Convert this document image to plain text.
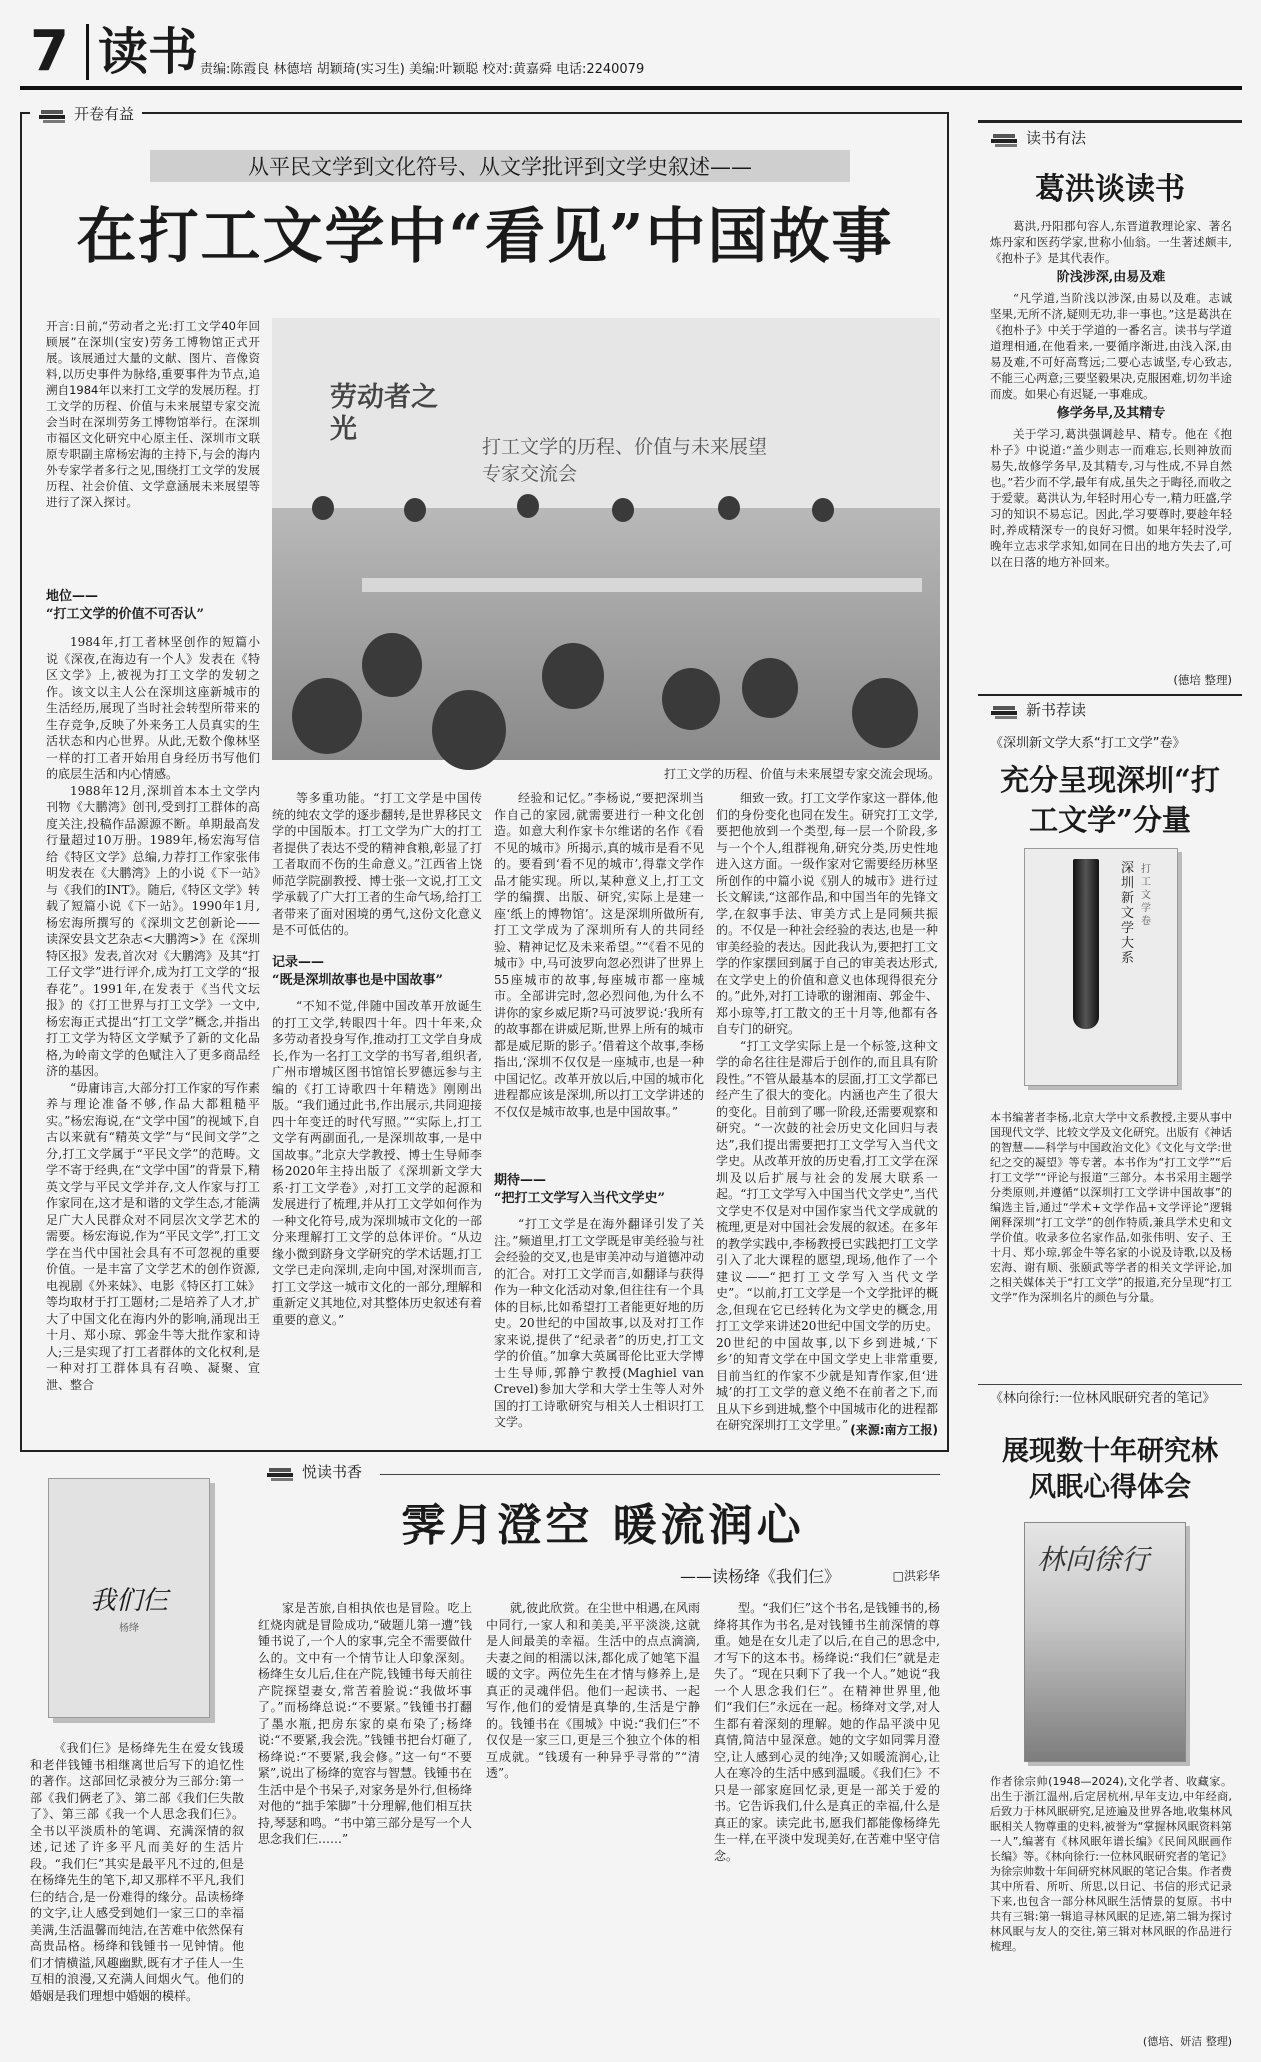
7 读书 责编:陈霞良 林德培 胡颖琦(实习生) 美编:叶颖聪 校对:黄嘉舜 电话:2240079
开卷有益
从平民文学到文化符号、从文学批评到文学史叙述——
在打工文学中“看见”中国故事
开言:日前,“劳动者之光:打工文学40年回顾展”在深圳(宝安)劳务工博物馆正式开展。该展通过大量的文献、图片、音像资料,以历史事件为脉络,重要事件为节点,追溯自1984年以来打工文学的发展历程。打工文学的历程、价值与未来展望专家交流会当时在深圳劳务工博物馆举行。在深圳市福区文化研究中心原主任、深圳市文联原专职副主席杨宏海的主持下,与会的海内外专家学者多行之见,围绕打工文学的发展历程、社会价值、文学意涵展未来展望等进行了深入探讨。
劳动者之光
打工文学的历程、价值与未来展望专家交流会
打工文学的历程、价值与未来展望专家交流会现场。
地位——
“打工文学的价值不可否认”

1984年,打工者林坚创作的短篇小说《深夜,在海边有一个人》发表在《特区文学》上,被视为打工文学的发轫之作。该文以主人公在深圳这座新城市的生活经历,展现了当时社会转型所带来的生存竞争,反映了外来务工人员真实的生活状态和内心世界。从此,无数个像林坚一样的打工者开始用自身经历书写他们的底层生活和内心情感。

1988年12月,深圳首本本土文学内刊物《大鹏湾》创刊,受到打工群体的高度关注,投稿作品源源不断。单期最高发行量超过10万册。1989年,杨宏海写信给《特区文学》总编,力荐打工作家张伟明发表在《大鹏湾》上的小说《下一站》与《我们的INT》。随后,《特区文学》转载了短篇小说《下一站》。1990年1月,杨宏海所撰写的《深圳文艺创新论——读深安县文艺杂志<大鹏湾>》在《深圳特区报》发表,首次对《大鹏湾》及其“打工仔文学”进行评介,成为打工文学的“报春花”。1991年,在发表于《当代文坛报》的《打工世界与打工文学》一文中,杨宏海正式提出“打工文学”概念,并指出打工文学为特区文学赋予了新的文化品格,为岭南文学的色赋注入了更多商品经济的基因。

“毋庸讳言,大部分打工作家的写作素养与理论准备不够,作品大都粗糙平实。”杨宏海说,在“文学中国”的视域下,自古以来就有“精英文学”与“民间文学”之分,打工文学属于“平民文学”的范畴。文学不寄于经典,在“文学中国”的背景下,精英文学与平民文学并存,文人作家与打工作家同在,这才是和谐的文学生态,才能满足广大人民群众对不同层次文学艺术的需要。杨宏海说,作为“平民文学”,打工文学在当代中国社会具有不可忽视的重要价值。一是丰富了文学艺术的创作资源,电视剧《外来妹》、电影《特区打工妹》等均取材于打工题材;二是培养了人才,扩大了中国文化在海内外的影响,涌现出王十月、郑小琼、郭金牛等大批作家和诗人;三是实现了打工者群体的文化权利,是一种对打工群体具有召唤、凝聚、宣泄、整合

等多重功能。“打工文学是中国传统的纯农文学的逐步翻转,是世界移民文学的中国版本。打工文学为广大的打工者提供了表达不受的精神食粮,彰显了打工者取而不伤的生命意义。”江西省上饶师范学院副教授、博士张一文说,打工文学承载了广大打工者的生命气场,给打工者带来了面对困境的勇气,这份文化意义是不可低估的。

记录——
“既是深圳故事也是中国故事”

“不知不觉,伴随中国改革开放诞生的打工文学,转眼四十年。四十年来,众多劳动者投身写作,推动打工文学自身成长,作为一名打工文学的书写者,组织者,广州市增城区图书馆馆长罗德远参与主编的《打工诗歌四十年精选》刚刚出版。“我们通过此书,作出展示,共同迎接四十年变迁的时代写照。”“实际上,打工文学有两副面孔,一是深圳故事,一是中国故事。”北京大学教授、博士生导师李杨2020年主持出版了《深圳新文学大系·打工文学卷》,对打工文学的起源和发展进行了梳理,并从打工文学如何作为一种文化符号,成为深圳城市文化的一部分来理解打工文学的总体评价。“从边缘小微到跻身文学研究的学术话题,打工文学已走向深圳,走向中国,对深圳而言,打工文学这一城市文化的一部分,理解和重新定义其地位,对其整体历史叙述有着重要的意义。”

经验和记忆。”李杨说,“要把深圳当作自己的家园,就需要进行一种文化创造。如意大利作家卡尔维诺的名作《看不见的城市》所揭示,真的城市是看不见的。要看到‘看不见的城市’,得靠文学作品才能实现。所以,某种意义上,打工文学的编撰、出版、研究,实际上是建一座‘纸上的博物馆’。这是深圳所做所有,打工文学成为了深圳所有人的共同经验、精神记忆及未来希望。”“《看不见的城市》中,马可波罗向忽必烈讲了世界上55座城市的故事,每座城市都一座城市。全部讲完时,忽必烈问他,为什么不讲你的家乡威尼斯?马可波罗说:‘我所有的故事都在讲威尼斯,世界上所有的城市都是威尼斯的影子。’借着这个故事,李杨指出,‘深圳不仅仅是一座城市,也是一种中国记忆。改革开放以后,中国的城市化进程都应该是深圳,所以打工文学讲述的不仅仅是城市故事,也是中国故事。”

期待——
“把打工文学写入当代文学史”

“打工文学是在海外翻译引发了关注。”频道里,打工文学既是审美经验与社会经验的交叉,也是审美冲动与道德冲动的汇合。对打工文学而言,如翻译与获得作为一种文化活动对象,但往往有一个具体的目标,比如希望打工者能更好地的历史。20世纪的中国故事,以及对打工作家来说,提供了“纪录者”的历史,打工文学的价值。”加拿大英属哥伦比亚大学博士生导师,郭静宁教授(Maghiel van Crevel)参加大学和大学士生等人对外国的打工诗歌研究与相关人士相识打工文学。

细致一致。打工文学作家这一群体,他们的身份变化也同在发生。研究打工文学,要把他放到一个类型,每一层一个阶段,多与一个个人,组群视角,研究分类,历史性地进入这方面。一级作家对它需要经历林坚所创作的中篇小说《别人的城市》进行过长文解读,“这部作品,和中国当年的先锋文学,在叙事手法、审美方式上是同频共振的。不仅是一种社会经验的表达,也是一种审美经验的表达。因此我认为,要把打工文学的作家摆回到属于自己的审美表达形式,在文学史上的价值和意义也体现得很充分的。”此外,对打工诗歌的谢湘南、郭金牛、郑小琼等,打工散文的王十月等,他都有各自专门的研究。

“打工文学实际上是一个标签,这种文学的命名往往是滞后于创作的,而且具有阶段性。”不管从最基本的层面,打工文学都已经产生了很大的变化。内涵也产生了很大的变化。目前到了哪一阶段,还需要观察和研究。“一次鼓的社会历史文化回归与表达”,我们提出需要把打工文学写入当代文学史。从改革开放的历史看,打工文学在深圳及以后扩展与社会的发展大联系一起。“打工文学写入中国当代文学史”,当代文学史不仅是对中国作家当代文学成就的梳理,更是对中国社会发展的叙述。在多年的教学实践中,李杨教授已实践把打工文学引入了北大课程的愿望,现场,他作了一个建议——“把打工文学写入当代文学史”。“以前,打工文学是一个文学批评的概念,但现在它已经转化为文学史的概念,用打工文学来讲述20世纪中国文学的历史。20世纪的中国故事,以下乡到进城,‘下乡’的知青文学在中国文学史上非常重要,目前当红的作家不少就是知青作家,但‘进城’的打工文学的意义绝不在前者之下,而且从下乡到进城,整个中国城市化的进程都在研究深圳打工文学里。” (来源:南方工报)
读书有法
葛洪谈读书

葛洪,丹阳郡句容人,东晋道教理论家、著名炼丹家和医药学家,世称小仙翁。一生著述颇丰,《抱朴子》是其代表作。

阶浅涉深,由易及难

“凡学道,当阶浅以涉深,由易以及难。志诚坚果,无所不济,疑则无功,非一事也。”这是葛洪在《抱朴子》中关于学道的一番名言。读书与学道道理相通,在他看来,一要循序渐进,由浅入深,由易及难,不可好高骛远;二要心志诚坚,专心致志,不能三心两意;三要坚毅果决,克服困难,切勿半途而废。如果心有迟疑,一事难成。

修学务早,及其精专

关于学习,葛洪强调趁早、精专。他在《抱朴子》中说道:“盖少则志一而难忘,长则神放而易失,故修学务早,及其精专,习与性成,不异自然也。”若少而不学,最年有成,虽失之于晦径,而收之于爱蒙。葛洪认为,年轻时用心专一,精力旺盛,学习的知识不易忘记。因此,学习要尊时,要趁年轻时,养成精深专一的良好习惯。如果年轻时没学,晚年立志求学求知,如同在日出的地方失去了,可以在日落的地方补回来。

(德培 整理)
新书荐读
《深圳新文学大系“打工文学”卷》
充分呈现深圳“打工文学”分量
深圳新文学大系
打工文学卷
本书编著者李杨,北京大学中文系教授,主要从事中国现代文学、比较文学及文化研究。出版有《神话的智慧——科学与中国政治文化》《文化与文学:世纪之交的凝望》等专著。本书作为“打工文学”“后打工文学”“评论与报道”三部分。本书采用主题学分类原则,并遵循“以深圳打工文学讲中国故事”的编选主旨,通过“学术+文学作品+文学评论”逻辑阐释深圳“打工文学”的创作特质,兼具学术史和文学价值。收录多位名家作品,如张伟明、安子、王十月、郑小琼,郭金牛等名家的小说及诗歌,以及杨宏海、谢有顺、张颐武等学者的相关文学评论,加之相关媒体关于“打工文学”的报道,充分呈现“打工文学”作为深圳名片的颜色与分量。
《林向徐行:一位林风眠研究者的笔记》
展现数十年研究林风眠心得体会
林向徐行
作者徐宗帅(1948—2024),文化学者、收藏家。出生于浙江温州,后定居杭州,早年支边,中年经商,后致力于林风眠研究,足迹遍及世界各地,收集林风眠相关人物尊重的史料,被誉为“掌握林风眠资料第一人”,编著有《林风眠年谱长编》《民间风眠画作长编》等。《林向徐行:一位林风眠研究者的笔记》为徐宗帅数十年间研究林风眠的笔记合集。作者费其中所看、所听、所思,以日记、书信的形式记录下来,也包含一部分林风眠生活情景的复原。书中共有三辑:第一辑追寻林风眠的足迹,第二辑为探讨林风眠与友人的交往,第三辑对林风眠的作品进行梳理。
(德培、妍洁 整理)
悦读书香
霁月澄空 暖流润心
——读杨绛《我们仨》	□洪彩华
我们仨
杨绛

《我们仨》是杨绛先生在爱女钱瑗和老伴钱锺书相继离世后写下的追忆性的著作。这部回忆录被分为三部分:第一部《我们俩老了》、第二部《我们仨失散了》、第三部《我一个人思念我们仨》。全书以平淡质朴的笔调、充满深情的叙述,记述了许多平凡而美好的生活片段。“我们仨”其实是最平凡不过的,但是在杨绛先生的笔下,却又那样不平凡,我们仨的结合,是一份难得的缘分。品读杨绛的文字,让人感受到她们一家三口的幸福美满,生活温馨而纯洁,在苦难中依然保有高贵品格。杨绛和钱锺书一见钟情。他们才情横溢,风趣幽默,既有才子佳人一生互相的浪漫,又充满人间烟火气。他们的婚姻是我们理想中婚姻的模样。

家是苦旅,自相执依也是冒险。吃上红烧肉就是冒险成功,“破题儿第一遭”钱锺书说了,一个人的家事,完全不需要做什么的。文中有一个情节让人印象深刻。杨绛生女儿后,住在产院,钱锺书每天前往产院探望妻女,常苦着脸说:“我做坏事了。”而杨绛总说:“不要紧。”钱锺书打翻了墨水瓶,把房东家的桌布染了;杨绛说:“不要紧,我会洗。”钱锺书把台灯砸了,杨绛说:“不要紧,我会修。”这一句“不要紧”,说出了杨绛的宽容与智慧。钱锺书在生活中是个书呆子,对家务是外行,但杨绛对他的“拙手笨脚”十分理解,他们相互扶持,琴瑟和鸣。“书中第三部分是写一个人思念我们仨……”

就,彼此欣赏。在尘世中相遇,在风雨中同行,一家人和和美美,平平淡淡,这就是人间最美的幸福。生活中的点点滴滴,夫妻之间的相濡以沫,都化成了她笔下温暖的文字。两位先生在才情与修养上,是真正的灵魂伴侣。他们一起读书、一起写作,他们的爱情是真挚的,生活是宁静的。钱锺书在《围城》中说:“我们仨”不仅仅是一家三口,更是三个独立个体的相互成就。“钱瑗有一种异乎寻常的”“清透”。

型。“我们仨”这个书名,是钱锺书的,杨绛将其作为书名,是对钱锺书生前深情的尊重。她是在女儿走了以后,在自己的思念中,才写下的这本书。杨绛说:“我们仨”就是走失了。“现在只剩下了我一个人。”她说“我一个人思念我们仨”。在精神世界里,他们“我们仨”永远在一起。杨绛对文学,对人生都有着深刻的理解。她的作品平淡中见真情,简洁中显深意。她的文字如同霁月澄空,让人感到心灵的纯净;又如暖流润心,让人在寒冷的生活中感到温暖。《我们仨》不只是一部家庭回忆录,更是一部关于爱的书。它告诉我们,什么是真正的幸福,什么是真正的家。读完此书,愿我们都能像杨绛先生一样,在平淡中发现美好,在苦难中坚守信念。
